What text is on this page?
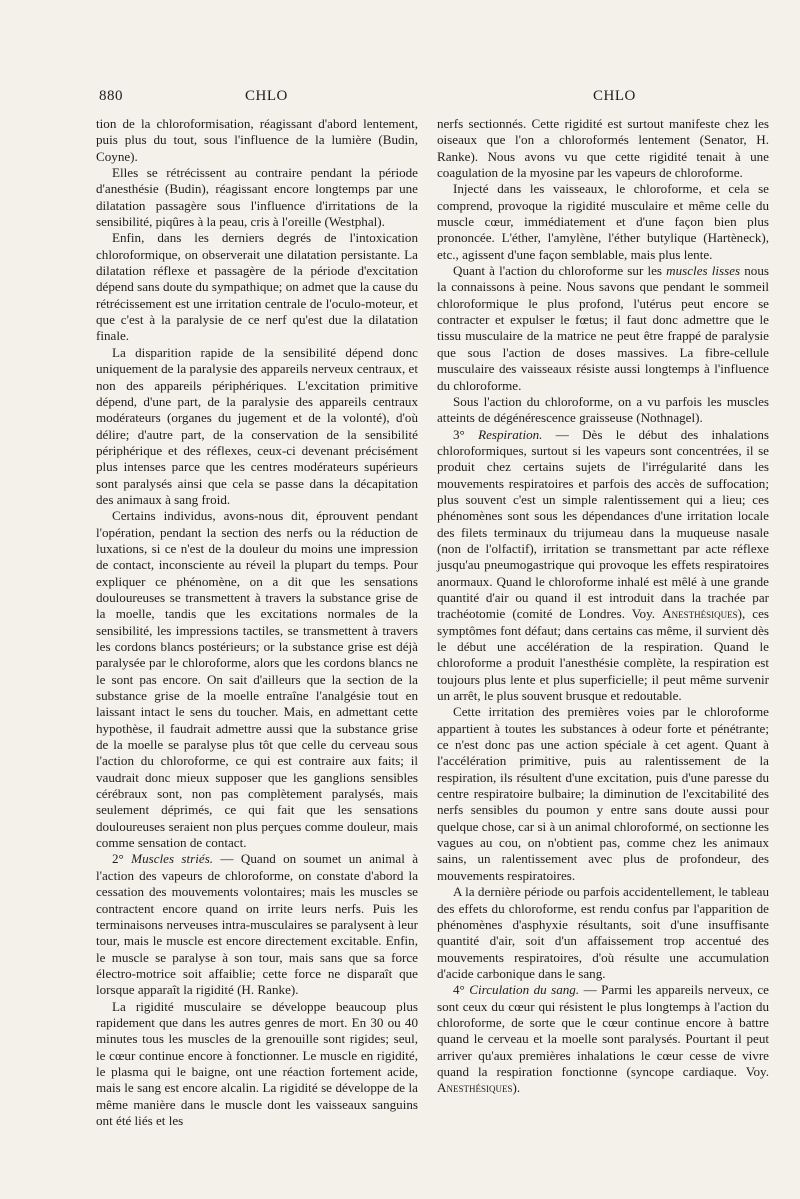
880	CHLO	CHLO

tion de la chloroformisation, réagissant d'abord lentement, puis plus du tout, sous l'influence de la lumière (Budin, Coyne).

Elles se rétrécissent au contraire pendant la période d'anesthésie (Budin), réagissant encore longtemps par une dilatation passagère sous l'influence d'irritations de la sensibilité, piqûres à la peau, cris à l'oreille (Westphal).

Enfin, dans les derniers degrés de l'intoxication chloroformique, on observerait une dilatation persistante. La dilatation réflexe et passagère de la période d'excitation dépend sans doute du sympathique; on admet que la cause du rétrécissement est une irritation centrale de l'oculo-moteur, et que c'est à la paralysie de ce nerf qu'est due la dilatation finale.

La disparition rapide de la sensibilité dépend donc uniquement de la paralysie des appareils nerveux centraux, et non des appareils périphériques. L'excitation primitive dépend, d'une part, de la paralysie des appareils centraux modérateurs (organes du jugement et de la volonté), d'où délire; d'autre part, de la conservation de la sensibilité périphérique et des réflexes, ceux-ci devenant précisément plus intenses parce que les centres modérateurs supérieurs sont paralysés ainsi que cela se passe dans la décapitation des animaux à sang froid.

Certains individus, avons-nous dit, éprouvent pendant l'opération, pendant la section des nerfs ou la réduction de luxations, si ce n'est de la douleur du moins une impression de contact, inconsciente au réveil la plupart du temps. Pour expliquer ce phénomène, on a dit que les sensations douloureuses se transmettent à travers la substance grise de la moelle, tandis que les excitations normales de la sensibilité, les impressions tactiles, se transmettent à travers les cordons blancs postérieurs; or la substance grise est déjà paralysée par le chloroforme, alors que les cordons blancs ne le sont pas encore. On sait d'ailleurs que la section de la substance grise de la moelle entraîne l'analgésie tout en laissant intact le sens du toucher. Mais, en admettant cette hypothèse, il faudrait admettre aussi que la substance grise de la moelle se paralyse plus tôt que celle du cerveau sous l'action du chloroforme, ce qui est contraire aux faits; il vaudrait donc mieux supposer que les ganglions sensibles cérébraux sont, non pas complètement paralysés, mais seulement déprimés, ce qui fait que les sensations douloureuses seraient non plus perçues comme douleur, mais comme sensation de contact.

2° Muscles striés. — Quand on soumet un animal à l'action des vapeurs de chloroforme, on constate d'abord la cessation des mouvements volontaires; mais les muscles se contractent encore quand on irrite leurs nerfs. Puis les terminaisons nerveuses intra-musculaires se paralysent à leur tour, mais le muscle est encore directement excitable. Enfin, le muscle se paralyse à son tour, mais sans que sa force électro-motrice soit affaiblie; cette force ne disparaît que lorsque apparaît la rigidité (H. Ranke).

La rigidité musculaire se développe beaucoup plus rapidement que dans les autres genres de mort. En 30 ou 40 minutes tous les muscles de la grenouille sont rigides; seul, le cœur continue encore à fonctionner. Le muscle en rigidité, le plasma qui le baigne, ont une réaction fortement acide, mais le sang est encore alcalin. La rigidité se développe de la même manière dans le muscle dont les vaisseaux sanguins ont été liés et les

nerfs sectionnés. Cette rigidité est surtout manifeste chez les oiseaux que l'on a chloroformés lentement (Senator, H. Ranke). Nous avons vu que cette rigidité tenait à une coagulation de la myosine par les vapeurs de chloroforme.

Injecté dans les vaisseaux, le chloroforme, et cela se comprend, provoque la rigidité musculaire et même celle du muscle cœur, immédiatement et d'une façon bien plus prononcée. L'éther, l'amylène, l'éther butylique (Hartèneck), etc., agissent d'une façon semblable, mais plus lente.

Quant à l'action du chloroforme sur les muscles lisses nous la connaissons à peine. Nous savons que pendant le sommeil chloroformique le plus profond, l'utérus peut encore se contracter et expulser le fœtus; il faut donc admettre que le tissu musculaire de la matrice ne peut être frappé de paralysie que sous l'action de doses massives. La fibre-cellule musculaire des vaisseaux résiste aussi longtemps à l'influence du chloroforme.

Sous l'action du chloroforme, on a vu parfois les muscles atteints de dégénérescence graisseuse (Nothnagel).

3° Respiration. — Dès le début des inhalations chloroformiques, surtout si les vapeurs sont concentrées, il se produit chez certains sujets de l'irrégularité dans les mouvements respiratoires et parfois des accès de suffocation; plus souvent c'est un simple ralentissement qui a lieu; ces phénomènes sont sous les dépendances d'une irritation locale des filets terminaux du trijumeau dans la muqueuse nasale (non de l'olfactif), irritation se transmettant par acte réflexe jusqu'au pneumogastrique qui provoque les effets respiratoires anormaux. Quand le chloroforme inhalé est mêlé à une grande quantité d'air ou quand il est introduit dans la trachée par trachéotomie (comité de Londres. Voy. Anesthésiques), ces symptômes font défaut; dans certains cas même, il survient dès le début une accélération de la respiration. Quand le chloroforme a produit l'anesthésie complète, la respiration est toujours plus lente et plus superficielle; il peut même survenir un arrêt, le plus souvent brusque et redoutable.

Cette irritation des premières voies par le chloroforme appartient à toutes les substances à odeur forte et pénétrante; ce n'est donc pas une action spéciale à cet agent. Quant à l'accélération primitive, puis au ralentissement de la respiration, ils résultent d'une excitation, puis d'une paresse du centre respiratoire bulbaire; la diminution de l'excitabilité des nerfs sensibles du poumon y entre sans doute aussi pour quelque chose, car si à un animal chloroformé, on sectionne les vagues au cou, on n'obtient pas, comme chez les animaux sains, un ralentissement avec plus de profondeur, des mouvements respiratoires.

A la dernière période ou parfois accidentellement, le tableau des effets du chloroforme, est rendu confus par l'apparition de phénomènes d'asphyxie résultants, soit d'une insuffisante quantité d'air, soit d'un affaissement trop accentué des mouvements respiratoires, d'où résulte une accumulation d'acide carbonique dans le sang.

4° Circulation du sang. — Parmi les appareils nerveux, ce sont ceux du cœur qui résistent le plus longtemps à l'action du chloroforme, de sorte que le cœur continue encore à battre quand le cerveau et la moelle sont paralysés. Pourtant il peut arriver qu'aux premières inhalations le cœur cesse de vivre quand la respiration fonctionne (syncope cardiaque. Voy. Anesthésiques).
